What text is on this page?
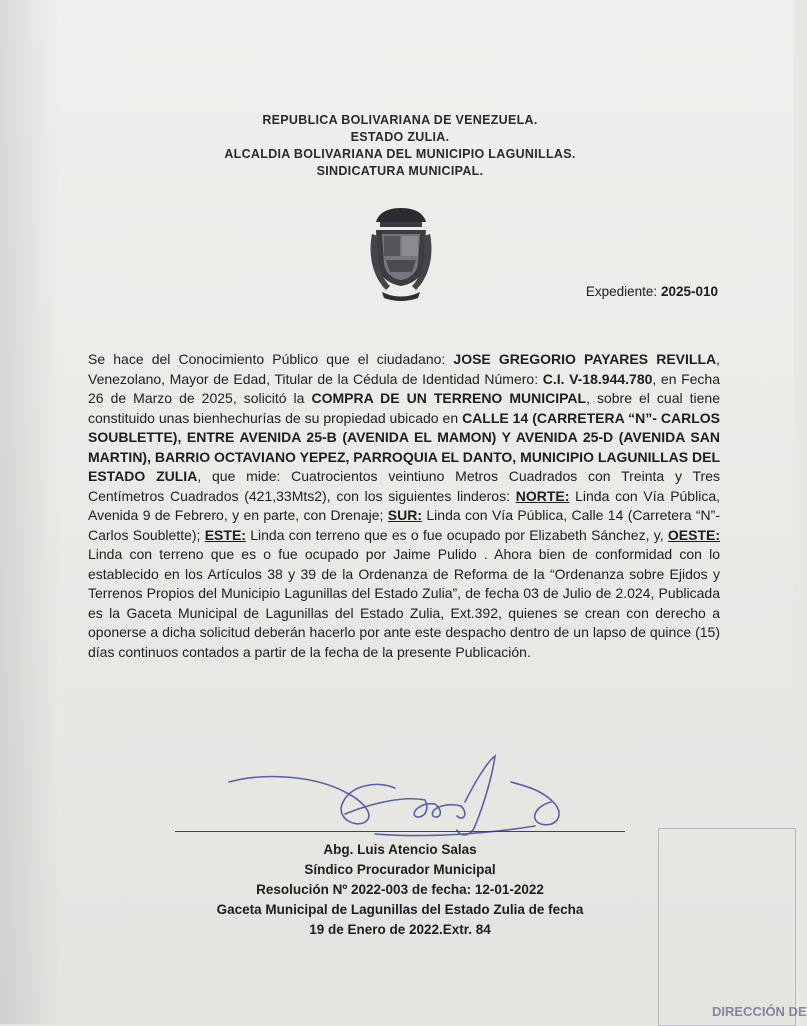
REPUBLICA BOLIVARIANA DE VENEZUELA.
ESTADO ZULIA.
ALCALDIA BOLIVARIANA DEL MUNICIPIO LAGUNILLAS.
SINDICATURA MUNICIPAL.
Expediente: 2025-010
Se hace del Conocimiento Público que el ciudadano: JOSE GREGORIO PAYARES REVILLA, Venezolano, Mayor de Edad, Titular de la Cédula de Identidad Número: C.I. V-18.944.780, en Fecha 26 de Marzo de 2025, solicitó la COMPRA DE UN TERRENO MUNICIPAL, sobre el cual tiene constituido unas bienhechurías de su propiedad ubicado en CALLE 14 (CARRETERA “N”- CARLOS SOUBLETTE), ENTRE AVENIDA 25-B (AVENIDA EL MAMON) Y AVENIDA 25-D (AVENIDA SAN MARTIN), BARRIO OCTAVIANO YEPEZ, PARROQUIA EL DANTO, MUNICIPIO LAGUNILLAS DEL ESTADO ZULIA, que mide: Cuatrocientos veintiuno Metros Cuadrados con Treinta y Tres Centímetros Cuadrados (421,33Mts2), con los siguientes linderos: NORTE: Linda con Vía Pública, Avenida 9 de Febrero, y en parte, con Drenaje; SUR: Linda con Vía Pública, Calle 14 (Carretera “N”- Carlos Soublette); ESTE: Linda con terreno que es o fue ocupado por Elizabeth Sánchez, y, OESTE: Linda con terreno que es o fue ocupado por Jaime Pulido . Ahora bien de conformidad con lo establecido en los Artículos 38 y 39 de la Ordenanza de Reforma de la “Ordenanza sobre Ejidos y Terrenos Propios del Municipio Lagunillas del Estado Zulia”, de fecha 03 de Julio de 2.024, Publicada es la Gaceta Municipal de Lagunillas del Estado Zulia, Ext.392, quienes se crean con derecho a oponerse a dicha solicitud deberán hacerlo por ante este despacho dentro de un lapso de quince (15) días continuos contados a partir de la fecha de la presente Publicación.
Abg. Luis Atencio Salas
Síndico Procurador Municipal
Resolución Nº 2022-003 de fecha: 12-01-2022
Gaceta Municipal de Lagunillas del Estado Zulia de fecha
19 de Enero de 2022.Extr. 84
DIRECCIÓN DE
